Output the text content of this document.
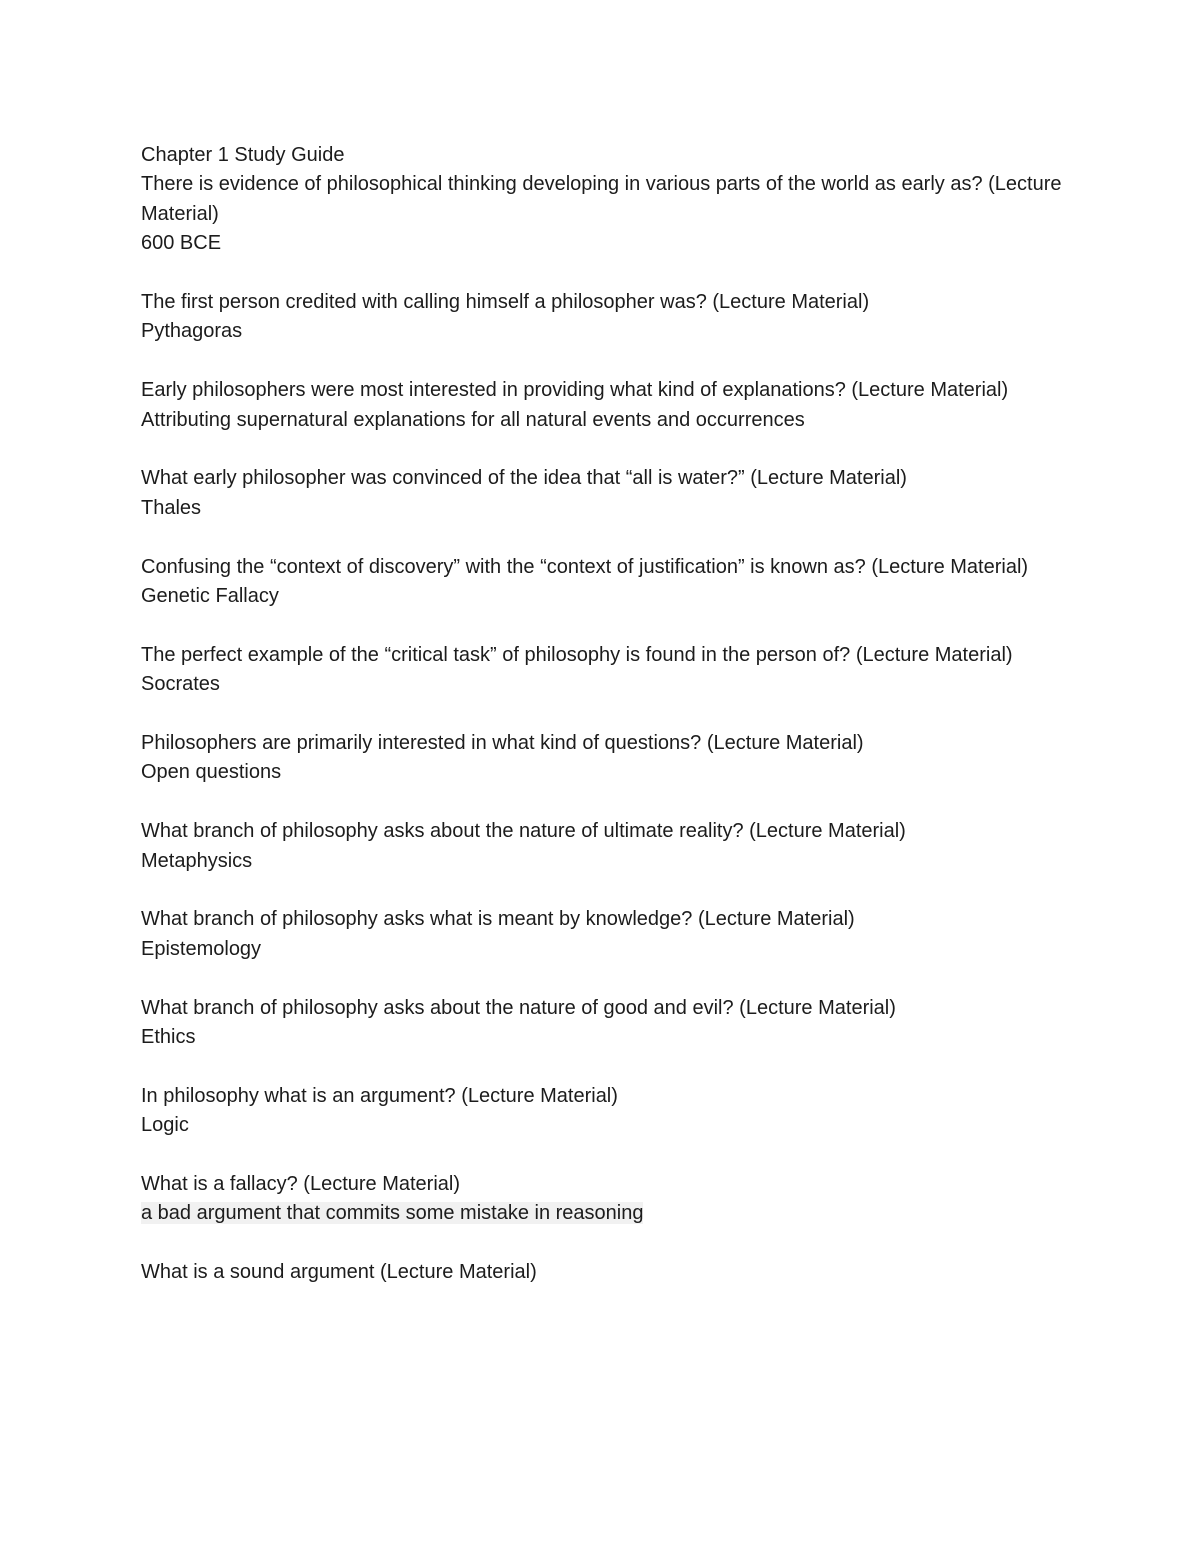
Chapter 1 Study Guide
There is evidence of philosophical thinking developing in various parts of the world as early as? (Lecture Material)
600 BCE
The first person credited with calling himself a philosopher was? (Lecture Material)
Pythagoras
Early philosophers were most interested in providing what kind of explanations? (Lecture Material)
Attributing supernatural explanations for all natural events and occurrences
What early philosopher was convinced of the idea that “all is water?” (Lecture Material)
Thales
Confusing the “context of discovery” with the “context of justification” is known as? (Lecture Material)
Genetic Fallacy
The perfect example of the “critical task” of philosophy is found in the person of? (Lecture Material)
Socrates
Philosophers are primarily interested in what kind of questions? (Lecture Material)
Open questions
What branch of philosophy asks about the nature of ultimate reality? (Lecture Material)
Metaphysics
What branch of philosophy asks what is meant by knowledge? (Lecture Material)
Epistemology
What branch of philosophy asks about the nature of good and evil? (Lecture Material)
Ethics
In philosophy what is an argument? (Lecture Material)
Logic
What is a fallacy? (Lecture Material)
a bad argument that commits some mistake in reasoning
What is a sound argument (Lecture Material)
